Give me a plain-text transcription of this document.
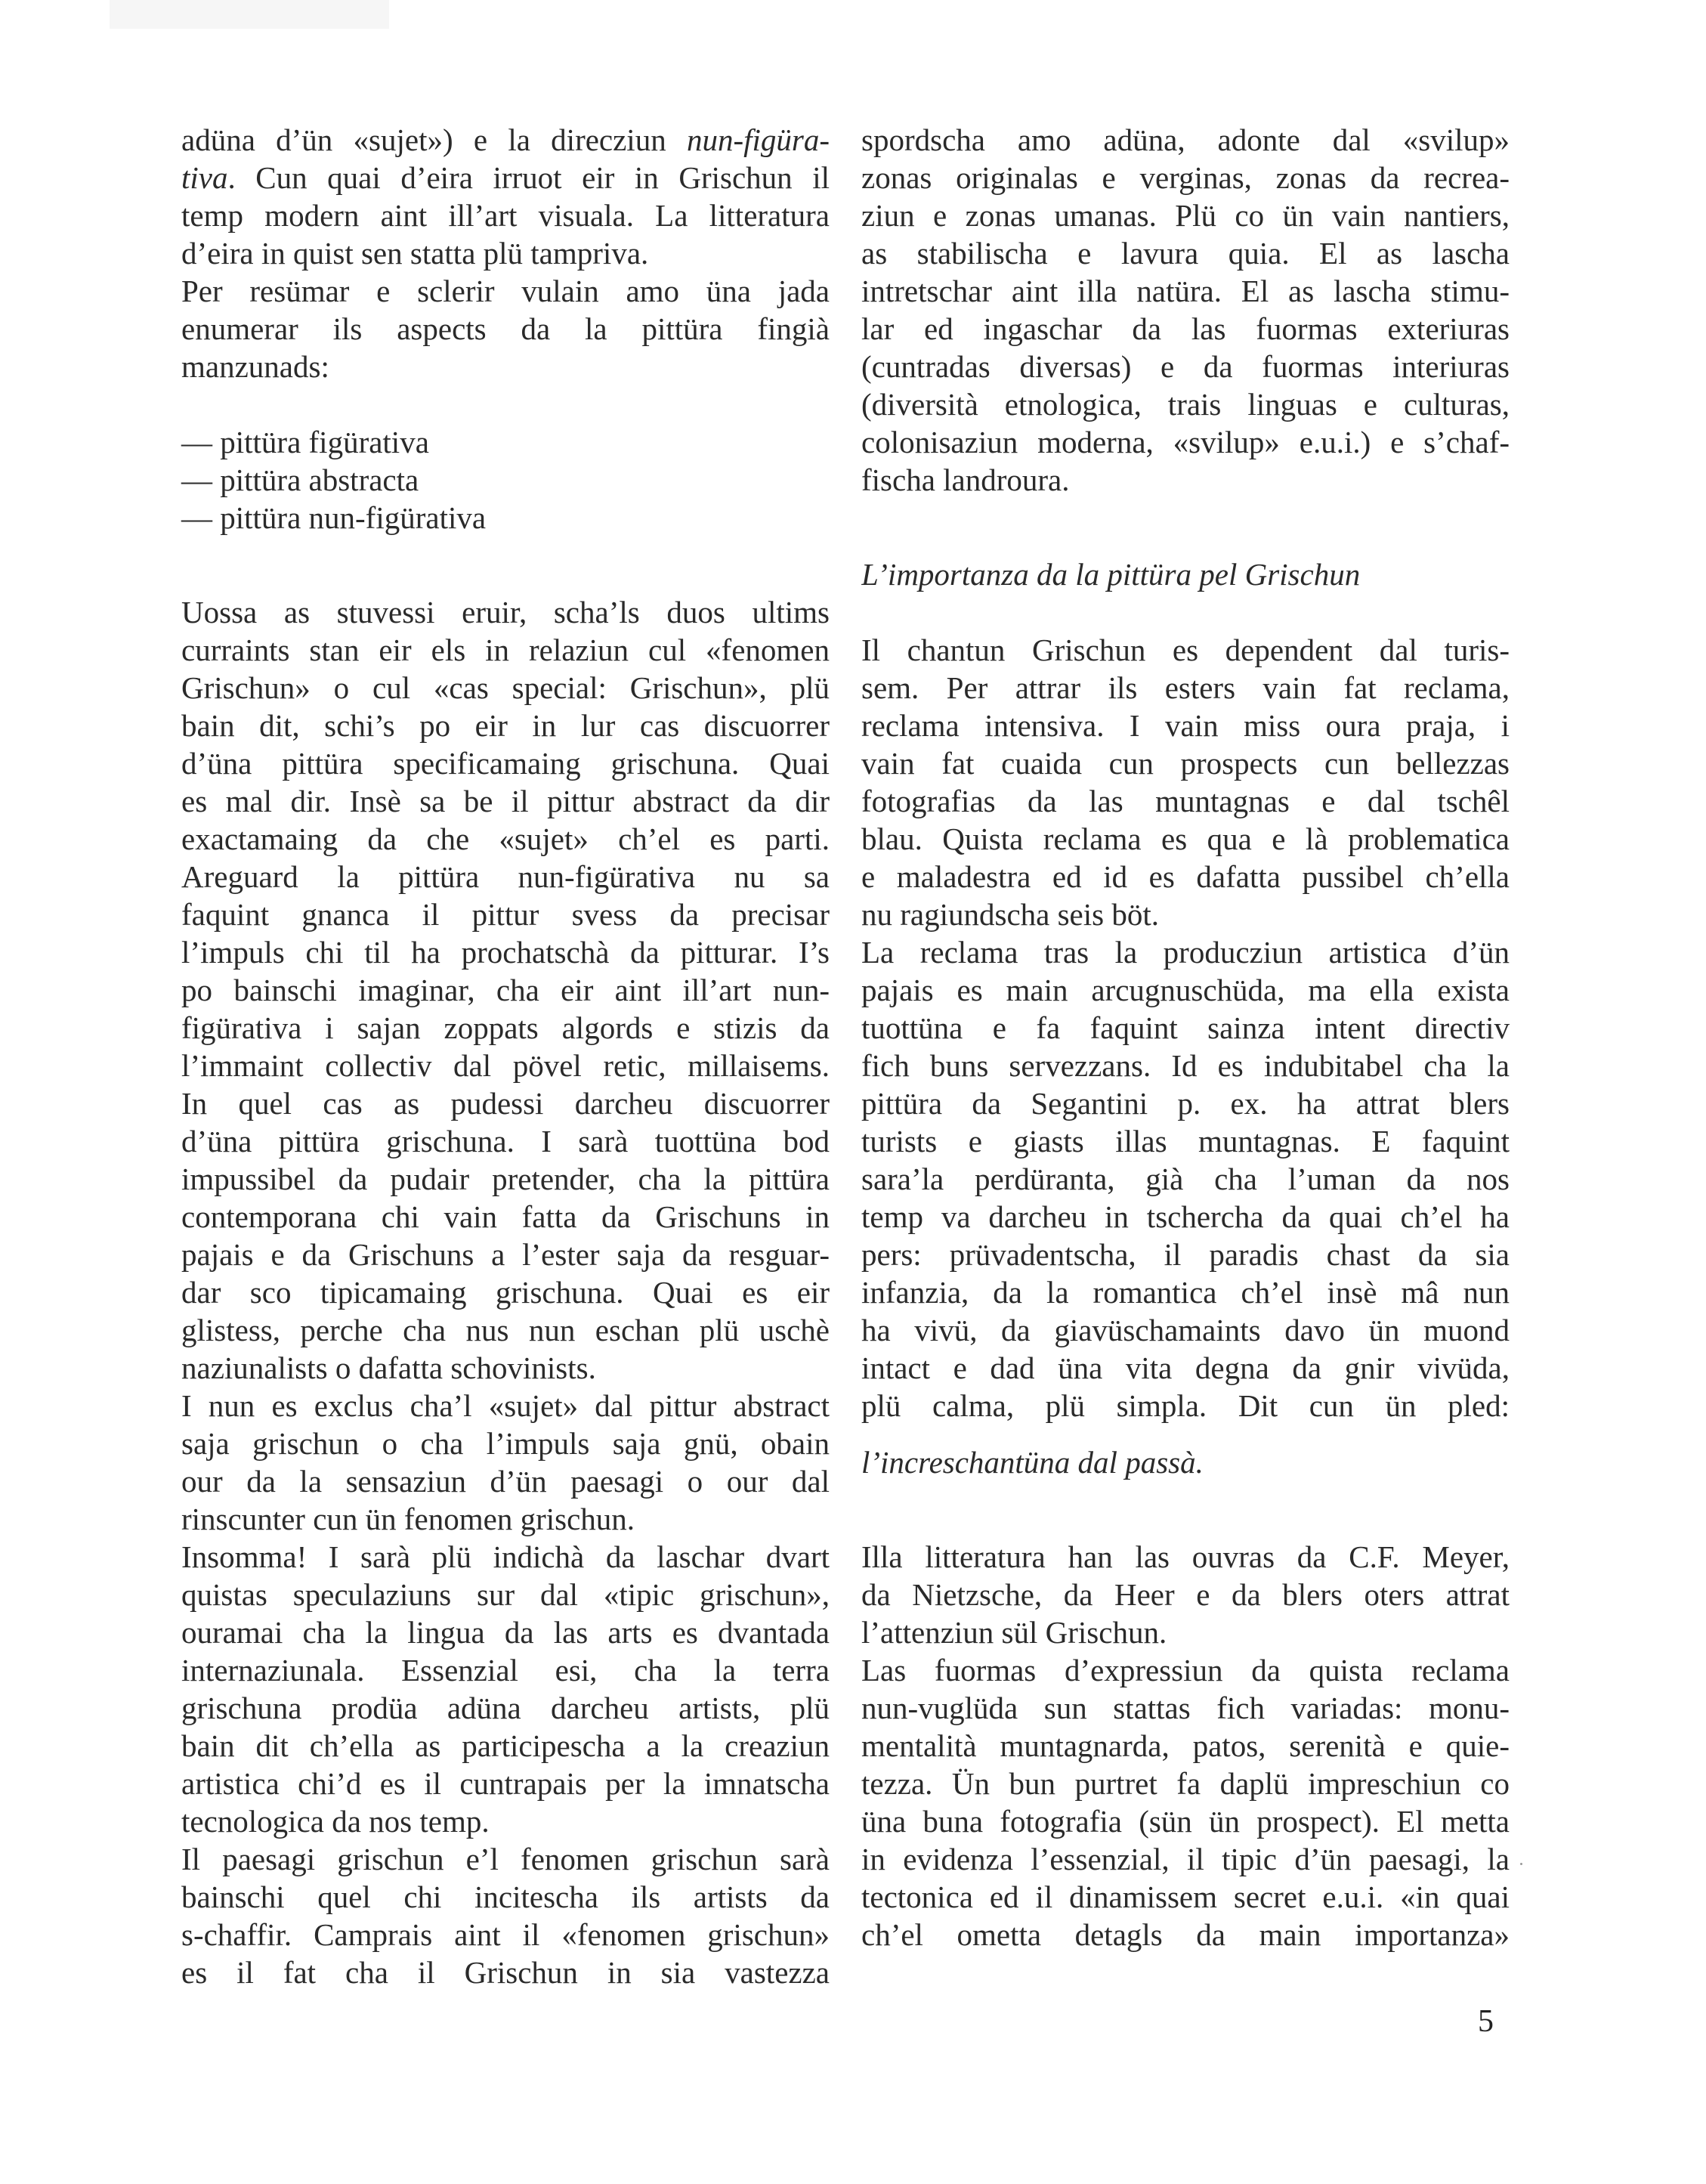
adüna d’ün «sujet») e la direcziun nun-figüra-
tiva. Cun quai d’eira irruot eir in Grischun il
temp modern aint ill’art visuala. La litteratura
d’eira in quist sen statta plü tampriva.
Per resümar e sclerir vulain amo üna jada
enumerar ils aspects da la pittüra fingià
manzunads:
— pittüra figürativa
— pittüra abstracta
— pittüra nun-figürativa
Uossa as stuvessi eruir, scha’ls duos ultims
curraints stan eir els in relaziun cul «fenomen
Grischun» o cul «cas special: Grischun», plü
bain dit, schi’s po eir in lur cas discuorrer
d’üna pittüra specificamaing grischuna. Quai
es mal dir. Insè sa be il pittur abstract da dir
exactamaing da che «sujet» ch’el es parti.
Areguard la pittüra nun-figürativa nu sa
faquint gnanca il pittur svess da precisar
l’impuls chi til ha prochatschà da pitturar. I’s
po bainschi imaginar, cha eir aint ill’art nun-
figürativa i sajan zoppats algords e stizis da
l’immaint collectiv dal pövel retic, millaisems.
In quel cas as pudessi darcheu discuorrer
d’üna pittüra grischuna. I sarà tuottüna bod
impussibel da pudair pretender, cha la pittüra
contemporana chi vain fatta da Grischuns in
pajais e da Grischuns a l’ester saja da resguar-
dar sco tipicamaing grischuna. Quai es eir
glistess, perche cha nus nun eschan plü uschè
naziunalists o dafatta schovinists.
I nun es exclus cha’l «sujet» dal pittur abstract
saja grischun o cha l’impuls saja gnü, obain
our da la sensaziun d’ün paesagi o our dal
rinscunter cun ün fenomen grischun.
Insomma! I sarà plü indichà da laschar dvart
quistas speculaziuns sur dal «tipic grischun»,
ouramai cha la lingua da las arts es dvantada
internaziunala. Essenzial esi, cha la terra
grischuna prodüa adüna darcheu artists, plü
bain dit ch’ella as participescha a la creaziun
artistica chi’d es il cuntrapais per la imnatscha
tecnologica da nos temp.
Il paesagi grischun e’l fenomen grischun sarà
bainschi quel chi incitescha ils artists da
s-chaffir. Camprais aint il «fenomen grischun»
es il fat cha il Grischun in sia vastezza
spordscha amo adüna, adonte dal «svilup»
zonas originalas e verginas, zonas da recrea-
ziun e zonas umanas. Plü co ün vain nantiers,
as stabilischa e lavura quia. El as lascha
intretschar aint illa natüra. El as lascha stimu-
lar ed ingaschar da las fuormas exteriuras
(cuntradas diversas) e da fuormas interiuras
(diversità etnologica, trais linguas e culturas,
colonisaziun moderna, «svilup» e.u.i.) e s’chaf-
fischa landroura.
L’importanza da la pittüra pel Grischun
Il chantun Grischun es dependent dal turis-
sem. Per attrar ils esters vain fat reclama,
reclama intensiva. I vain miss oura praja, i
vain fat cuaida cun prospects cun bellezzas
fotografias da las muntagnas e dal tschêl
blau. Quista reclama es qua e là problematica
e maladestra ed id es dafatta pussibel ch’ella
nu ragiundscha seis böt.
La reclama tras la producziun artistica d’ün
pajais es main arcugnuschüda, ma ella exista
tuottüna e fa faquint sainza intent directiv
fich buns servezzans. Id es indubitabel cha la
pittüra da Segantini p. ex. ha attrat blers
turists e giasts illas muntagnas. E faquint
sara’la perdüranta, già cha l’uman da nos
temp va darcheu in tschercha da quai ch’el ha
pers: prüvadentscha, il paradis chast da sia
infanzia, da la romantica ch’el insè mâ nun
ha vivü, da giavüschamaints davo ün muond
intact e dad üna vita degna da gnir vivüda,
plü calma, plü simpla. Dit cun ün pled:
l’increschantüna dal passà.
Illa litteratura han las ouvras da C.F. Meyer,
da Nietzsche, da Heer e da blers oters attrat
l’attenziun sül Grischun.
Las fuormas d’expressiun da quista reclama
nun-vuglüda sun stattas fich variadas: monu-
mentalità muntagnarda, patos, serenità e quie-
tezza. Ün bun purtret fa daplü impreschiun co
üna buna fotografia (sün ün prospect). El metta
in evidenza l’essenzial, il tipic d’ün paesagi, la
tectonica ed il dinamissem secret e.u.i. «in quai
ch’el ometta detagls da main importanza»
5
